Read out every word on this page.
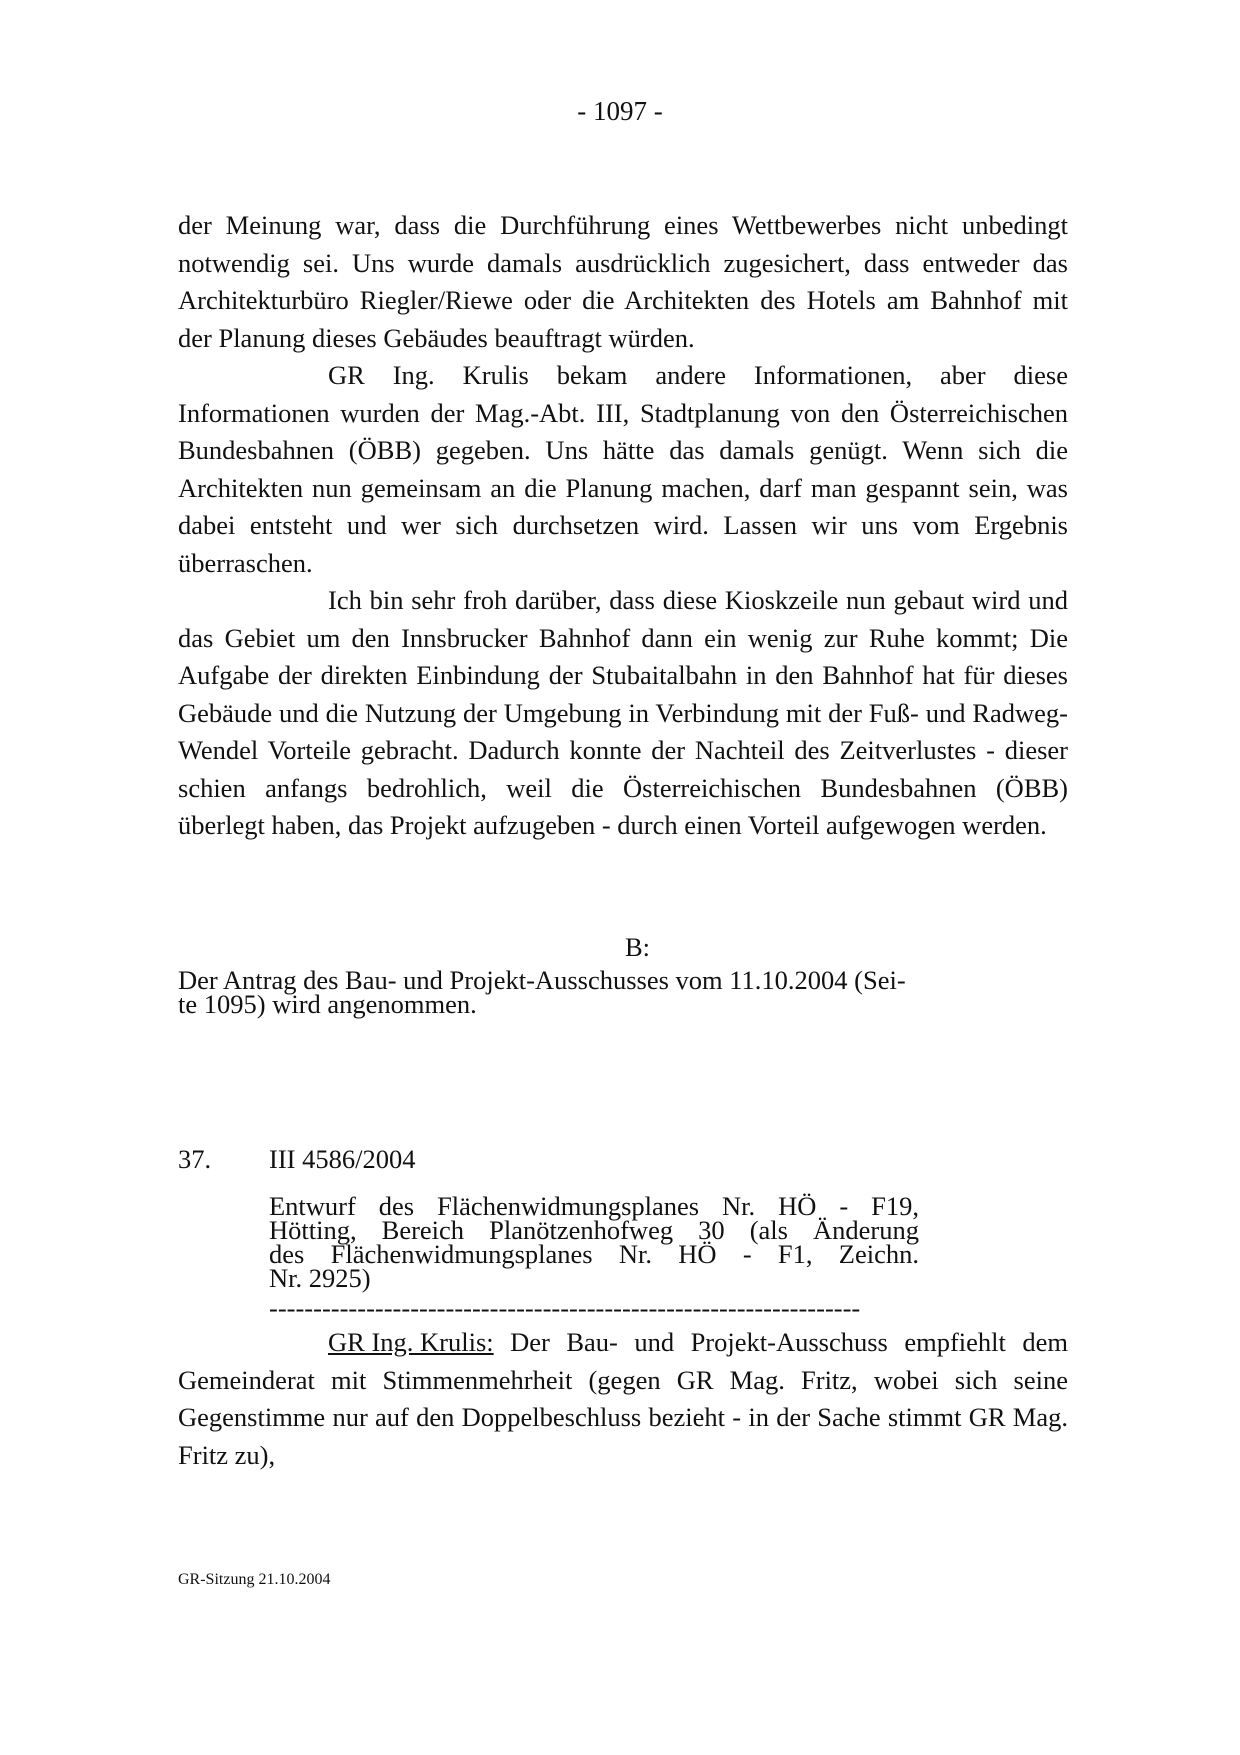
- 1097 -

der Meinung war, dass die Durchführung eines Wettbewerbes nicht unbedingt notwendig sei. Uns wurde damals ausdrücklich zugesichert, dass entweder das Architekturbüro Riegler/Riewe oder die Architekten des Hotels am Bahnhof mit der Planung dieses Gebäudes beauftragt würden.

GR Ing. Krulis bekam andere Informationen, aber diese Informationen wurden der Mag.-Abt. III, Stadtplanung von den Österreichischen Bundesbahnen (ÖBB) gegeben. Uns hätte das damals genügt. Wenn sich die Architekten nun gemeinsam an die Planung machen, darf man gespannt sein, was dabei entsteht und wer sich durchsetzen wird. Lassen wir uns vom Ergebnis überraschen.

Ich bin sehr froh darüber, dass diese Kioskzeile nun gebaut wird und das Gebiet um den Innsbrucker Bahnhof dann ein wenig zur Ruhe kommt; Die Aufgabe der direkten Einbindung der Stubaitalbahn in den Bahnhof hat für dieses Gebäude und die Nutzung der Umgebung in Verbindung mit der Fuß- und Radweg-Wendel Vorteile gebracht. Dadurch konnte der Nachteil des Zeitverlustes - dieser schien anfangs bedrohlich, weil die Österreichischen Bundesbahnen (ÖBB) überlegt haben, das Projekt aufzugeben - durch einen Vorteil aufgewogen werden.

B:

Der Antrag des Bau- und Projekt-Ausschusses vom 11.10.2004 (Sei-
te 1095) wird angenommen.

37. III 4586/2004
Entwurf des Flächenwidmungsplanes Nr. HÖ - F19,
Hötting, Bereich Planötzenhofweg 30 (als Änderung
des Flächenwidmungsplanes Nr. HÖ - F1, Zeichn.
Nr. 2925)
-------------------------------------------------------------------

GR Ing. Krulis: Der Bau- und Projekt-Ausschuss empfiehlt dem Gemeinderat mit Stimmenmehrheit (gegen GR Mag. Fritz, wobei sich seine Gegenstimme nur auf den Doppelbeschluss bezieht - in der Sache stimmt GR Mag. Fritz zu),

GR-Sitzung 21.10.2004
